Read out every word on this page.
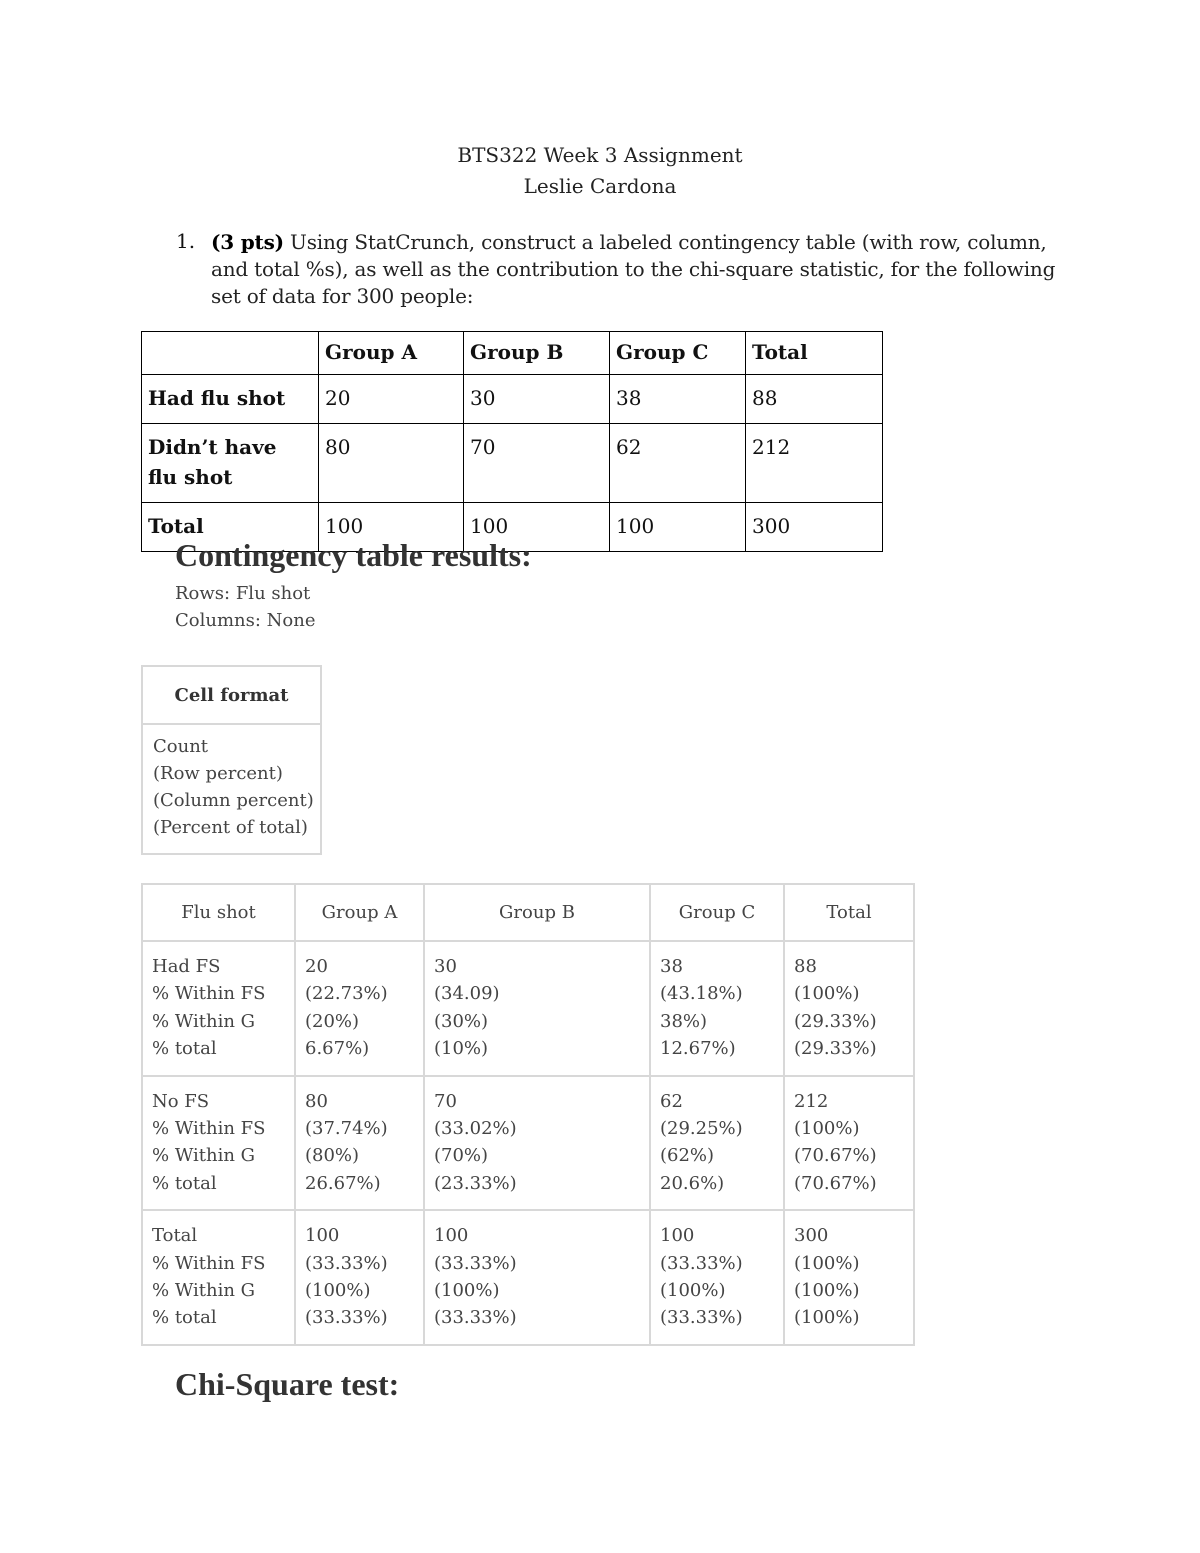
BTS322 Week 3 Assignment
Leslie Cardona
1. (3 pts) Using StatCrunch, construct a labeled contingency table (with row, column, and total %s), as well as the contribution to the chi-square statistic, for the following set of data for 300 people:
	Group A	Group B	Group C	Total
Had flu shot	20	30	38	88
Didn’t have flu shot	80	70	62	212
Total	100	100	100	300
Contingency table results:
Rows: Flu shot
Columns: None
Cell format

Count
(Row percent)
(Column percent)
(Percent of total)
Flu shot	Group A	Group B	Group C	Total

Had FS
% Within FS
% Within G
% total	20
(22.73%)
(20%)
6.67%)	30
(34.09)
(30%)
(10%)	38
(43.18%)
38%)
12.67%)	88
(100%)
(29.33%)
(29.33%)

No FS
% Within FS
% Within G
% total	80
(37.74%)
(80%)
26.67%)	70
(33.02%)
(70%)
(23.33%)	62
(29.25%)
(62%)
20.6%)	212
(100%)
(70.67%)
(70.67%)

Total
% Within FS
% Within G
% total	100
(33.33%)
(100%)
(33.33%)	100
(33.33%)
(100%)
(33.33%)	100
(33.33%)
(100%)
(33.33%)	300
(100%)
(100%)
(100%)
Chi-Square test:
